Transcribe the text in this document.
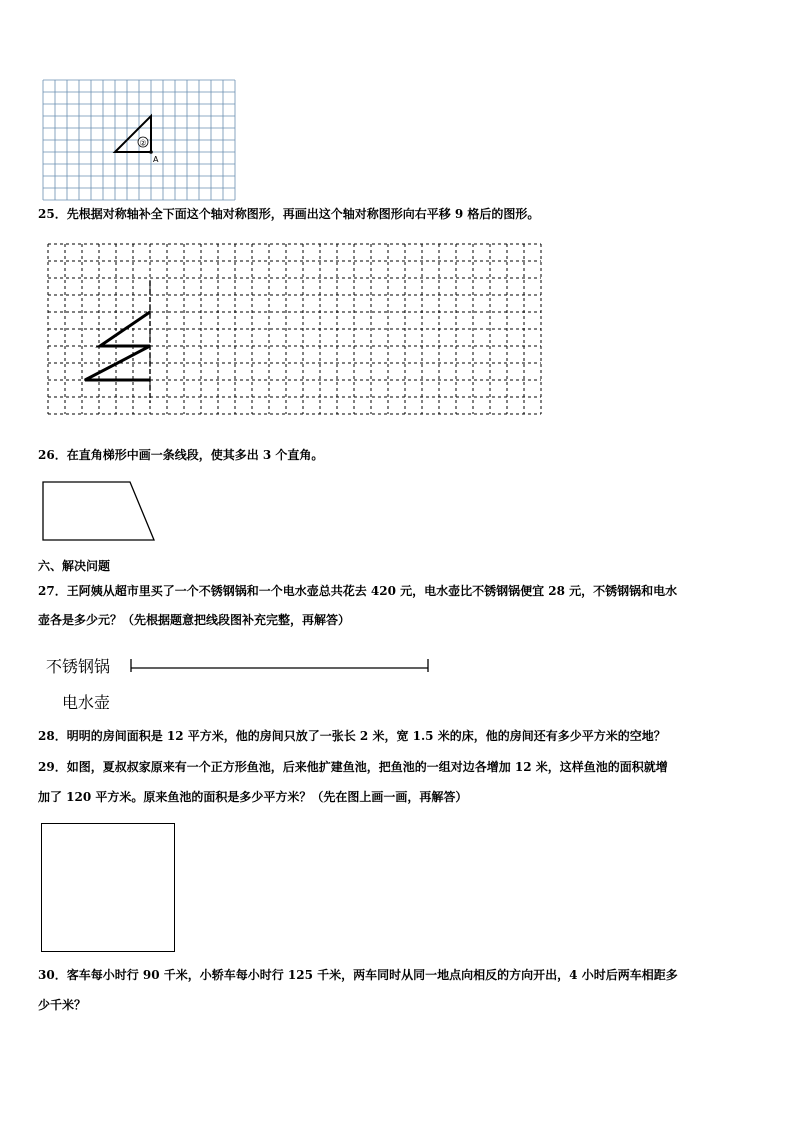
②
A
25．先根据对称轴补全下面这个轴对称图形，再画出这个轴对称图形向右平移 9 格后的图形。
26．在直角梯形中画一条线段，使其多出 3 个直角。
六、解决问题
27．王阿姨从超市里买了一个不锈钢锅和一个电水壶总共花去 420 元，电水壶比不锈钢锅便宜 28 元，不锈钢锅和电水
壶各是多少元？（先根据题意把线段图补充完整，再解答）
不锈钢锅
电水壶
28．明明的房间面积是 12 平方米，他的房间只放了一张长 2 米，宽 1.5 米的床，他的房间还有多少平方米的空地？
29．如图，夏叔叔家原来有一个正方形鱼池，后来他扩建鱼池，把鱼池的一组对边各增加 12 米，这样鱼池的面积就增
加了 120 平方米。原来鱼池的面积是多少平方米？（先在图上画一画，再解答）
30．客车每小时行 90 千米，小轿车每小时行 125 千米，两车同时从同一地点向相反的方向开出，4 小时后两车相距多
少千米？
